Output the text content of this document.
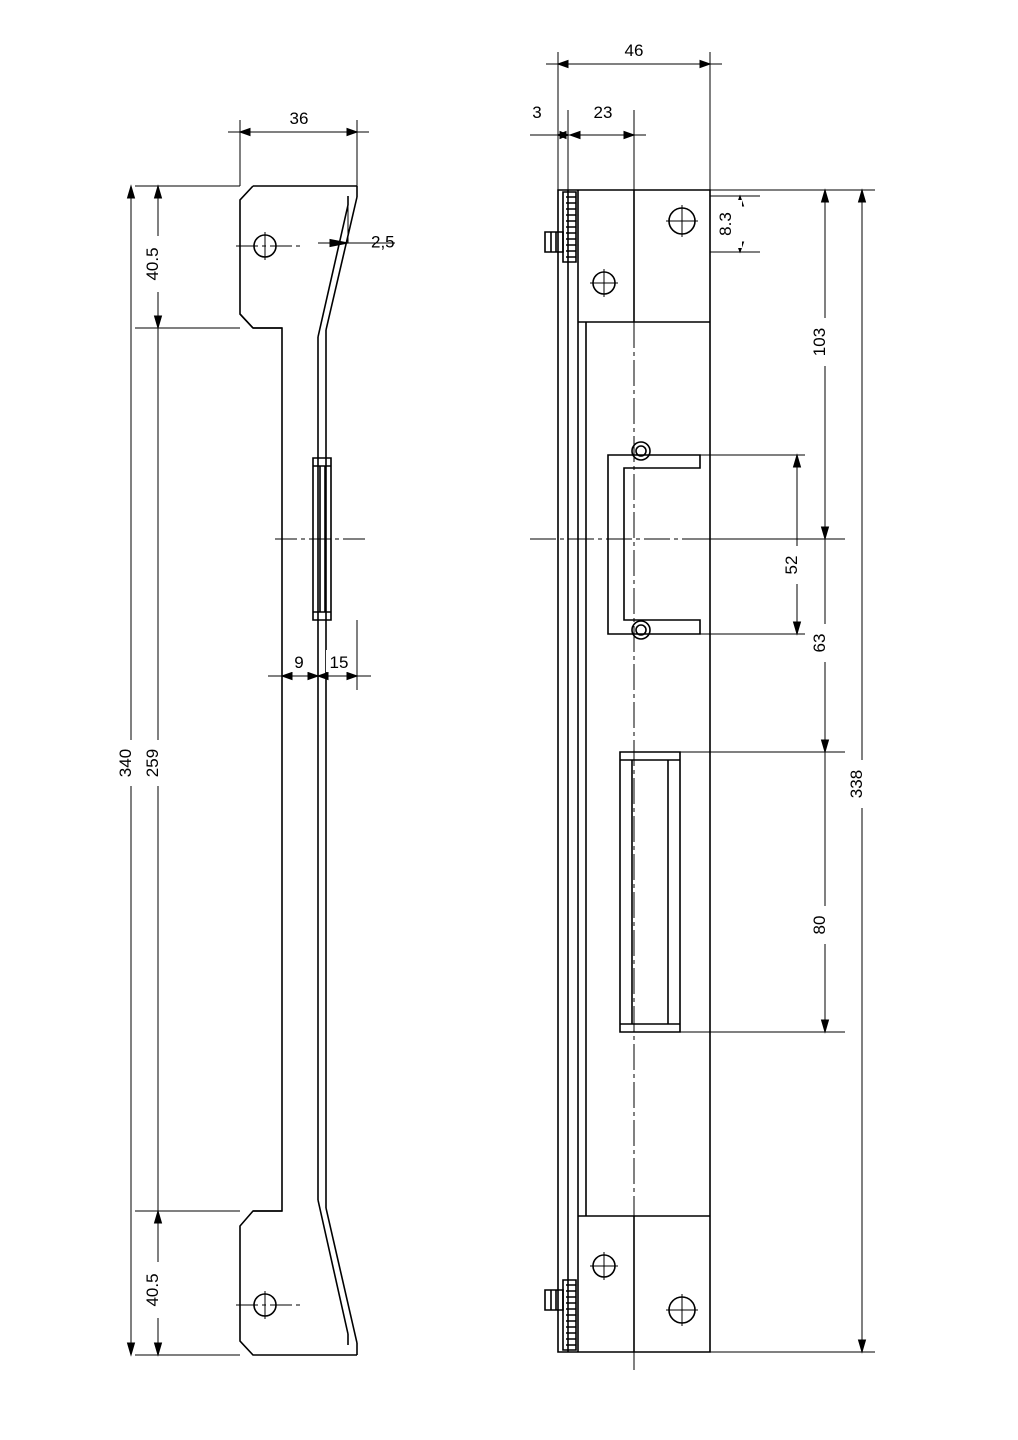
36
2,5
40.5
40.5
340 259
9 15
46
3	23
8.3
103
52
63
80
338
